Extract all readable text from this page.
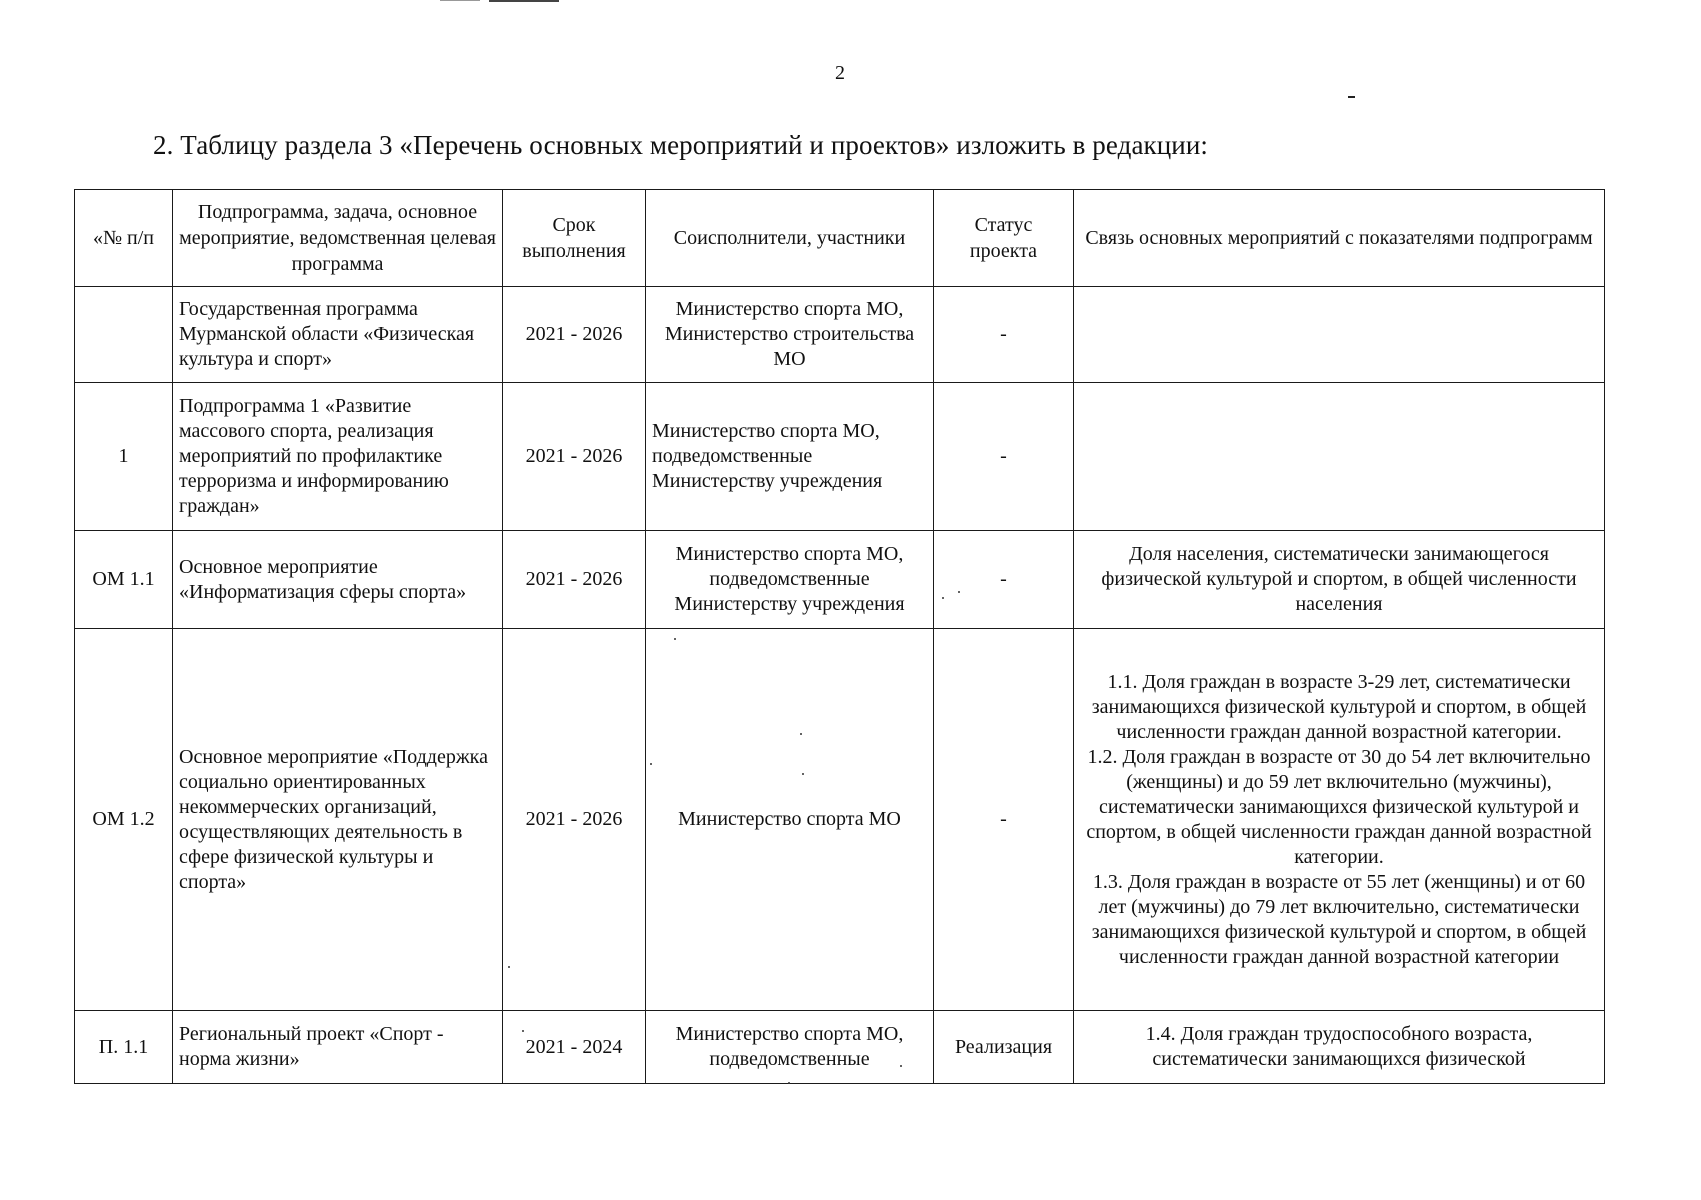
2
2. Таблицу раздела 3 «Перечень основных мероприятий и проектов» изложить в редакции:
«№ п/п	Подпрограмма, задача, основное мероприятие, ведомственная целевая программа	Срок выполнения	Соисполнители, участники	Статус проекта	Связь основных мероприятий с показателями подпрограмм
	Государственная программа Мурманской области «Физическая культура и спорт»	2021 - 2026	Министерство спорта МО, Министерство строительства МО	-	
1	Подпрограмма 1 «Развитие массового спорта, реализация мероприятий по профилактике терроризма и информированию граждан»	2021 - 2026	Министерство спорта МО, подведомственные Министерству учреждения	-	
ОМ 1.1	Основное мероприятие «Информатизация сферы спорта»	2021 - 2026	Министерство спорта МО, подведомственные Министерству учреждения	-	Доля населения, систематически занимающегося физической культурой и спортом, в общей численности населения
ОМ 1.2	Основное мероприятие «Поддержка социально ориентированных некоммерческих организаций, осуществляющих деятельность в сфере физической культуры и спорта»	2021 - 2026	Министерство спорта МО	-	1.1. Доля граждан в возрасте 3-29 лет, систематически занимающихся физической культурой и спортом, в общей численности граждан данной возрастной категории.
1.2. Доля граждан в возрасте от 30 до 54 лет включительно (женщины) и до 59 лет включительно (мужчины), систематически занимающихся физической культурой и спортом, в общей численности граждан данной возрастной категории.
1.3. Доля граждан в возрасте от 55 лет (женщины) и от 60 лет (мужчины) до 79 лет включительно, систематически занимающихся физической культурой и спортом, в общей численности граждан данной возрастной категории

П. 1.1	Региональный проект «Спорт - норма жизни»	2021 - 2024	Министерство спорта МО, подведомственные	Реализация	1.4. Доля граждан трудоспособного возраста, систематически занимающихся физической
